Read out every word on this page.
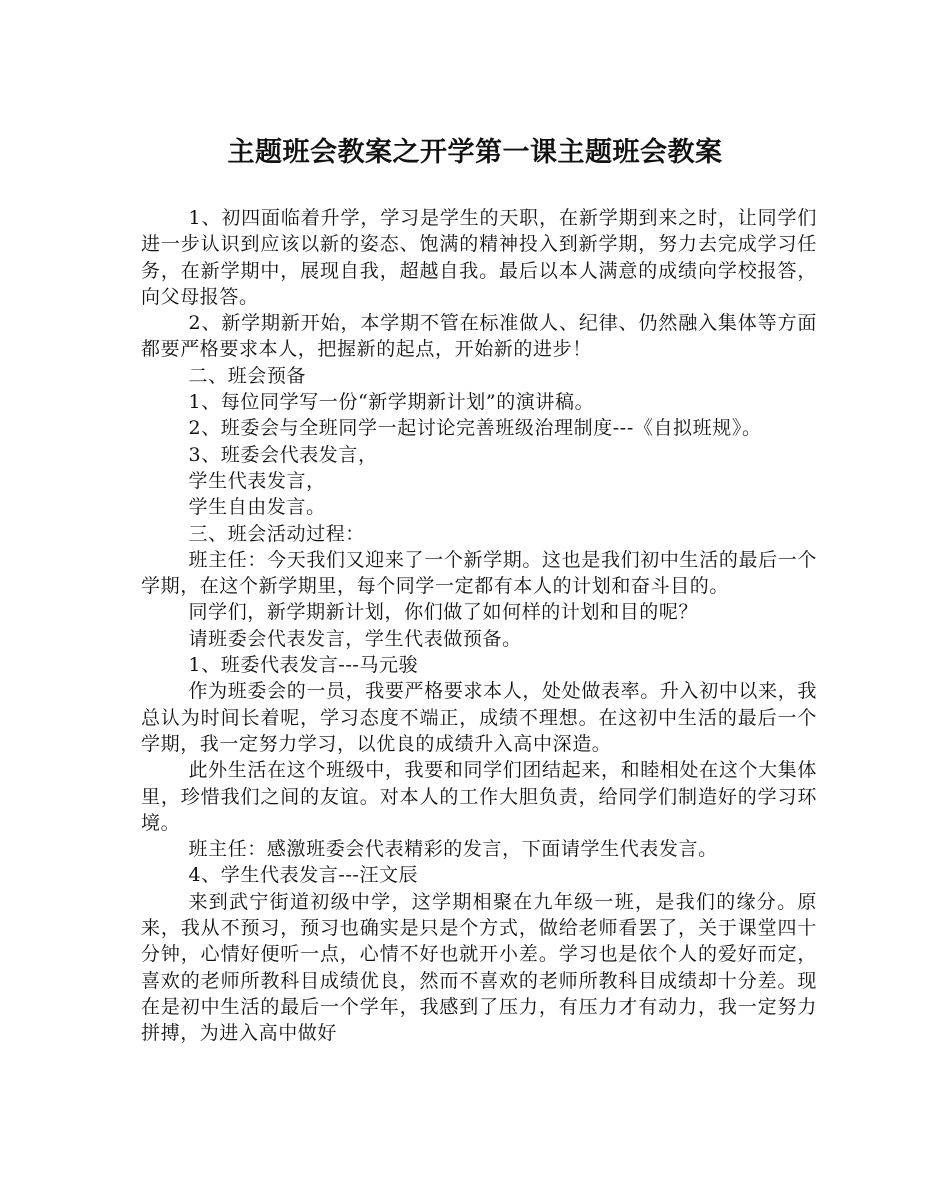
主题班会教案之开学第一课主题班会教案

1、初四面临着升学，学习是学生的天职，在新学期到来之时，让同学们进一步认识到应该以新的姿态、饱满的精神投入到新学期，努力去完成学习任务，在新学期中，展现自我，超越自我。最后以本人满意的成绩向学校报答，向父母报答。

2、新学期新开始，本学期不管在标准做人、纪律、仍然融入集体等方面都要严格要求本人，把握新的起点，开始新的进步！

二、班会预备

1、每位同学写一份“新学期新计划”的演讲稿。

2、班委会与全班同学一起讨论完善班级治理制度---《自拟班规》。

3、班委会代表发言，

学生代表发言，

学生自由发言。

三、班会活动过程：

班主任：今天我们又迎来了一个新学期。这也是我们初中生活的最后一个学期，在这个新学期里，每个同学一定都有本人的计划和奋斗目的。

同学们，新学期新计划，你们做了如何样的计划和目的呢？

请班委会代表发言，学生代表做预备。

1、班委代表发言---马元骏

作为班委会的一员，我要严格要求本人，处处做表率。升入初中以来，我总认为时间长着呢，学习态度不端正，成绩不理想。在这初中生活的最后一个学期，我一定努力学习，以优良的成绩升入高中深造。

此外生活在这个班级中，我要和同学们团结起来，和睦相处在这个大集体里，珍惜我们之间的友谊。对本人的工作大胆负责，给同学们制造好的学习环境。

班主任：感激班委会代表精彩的发言，下面请学生代表发言。

4、学生代表发言---汪文辰

来到武宁街道初级中学，这学期相聚在九年级一班，是我们的缘分。原来，我从不预习，预习也确实是只是个方式，做给老师看罢了，关于课堂四十分钟，心情好便听一点，心情不好也就开小差。学习也是依个人的爱好而定，喜欢的老师所教科目成绩优良，然而不喜欢的老师所教科目成绩却十分差。现在是初中生活的最后一个学年，我感到了压力，有压力才有动力，我一定努力拼搏，为进入高中做好
